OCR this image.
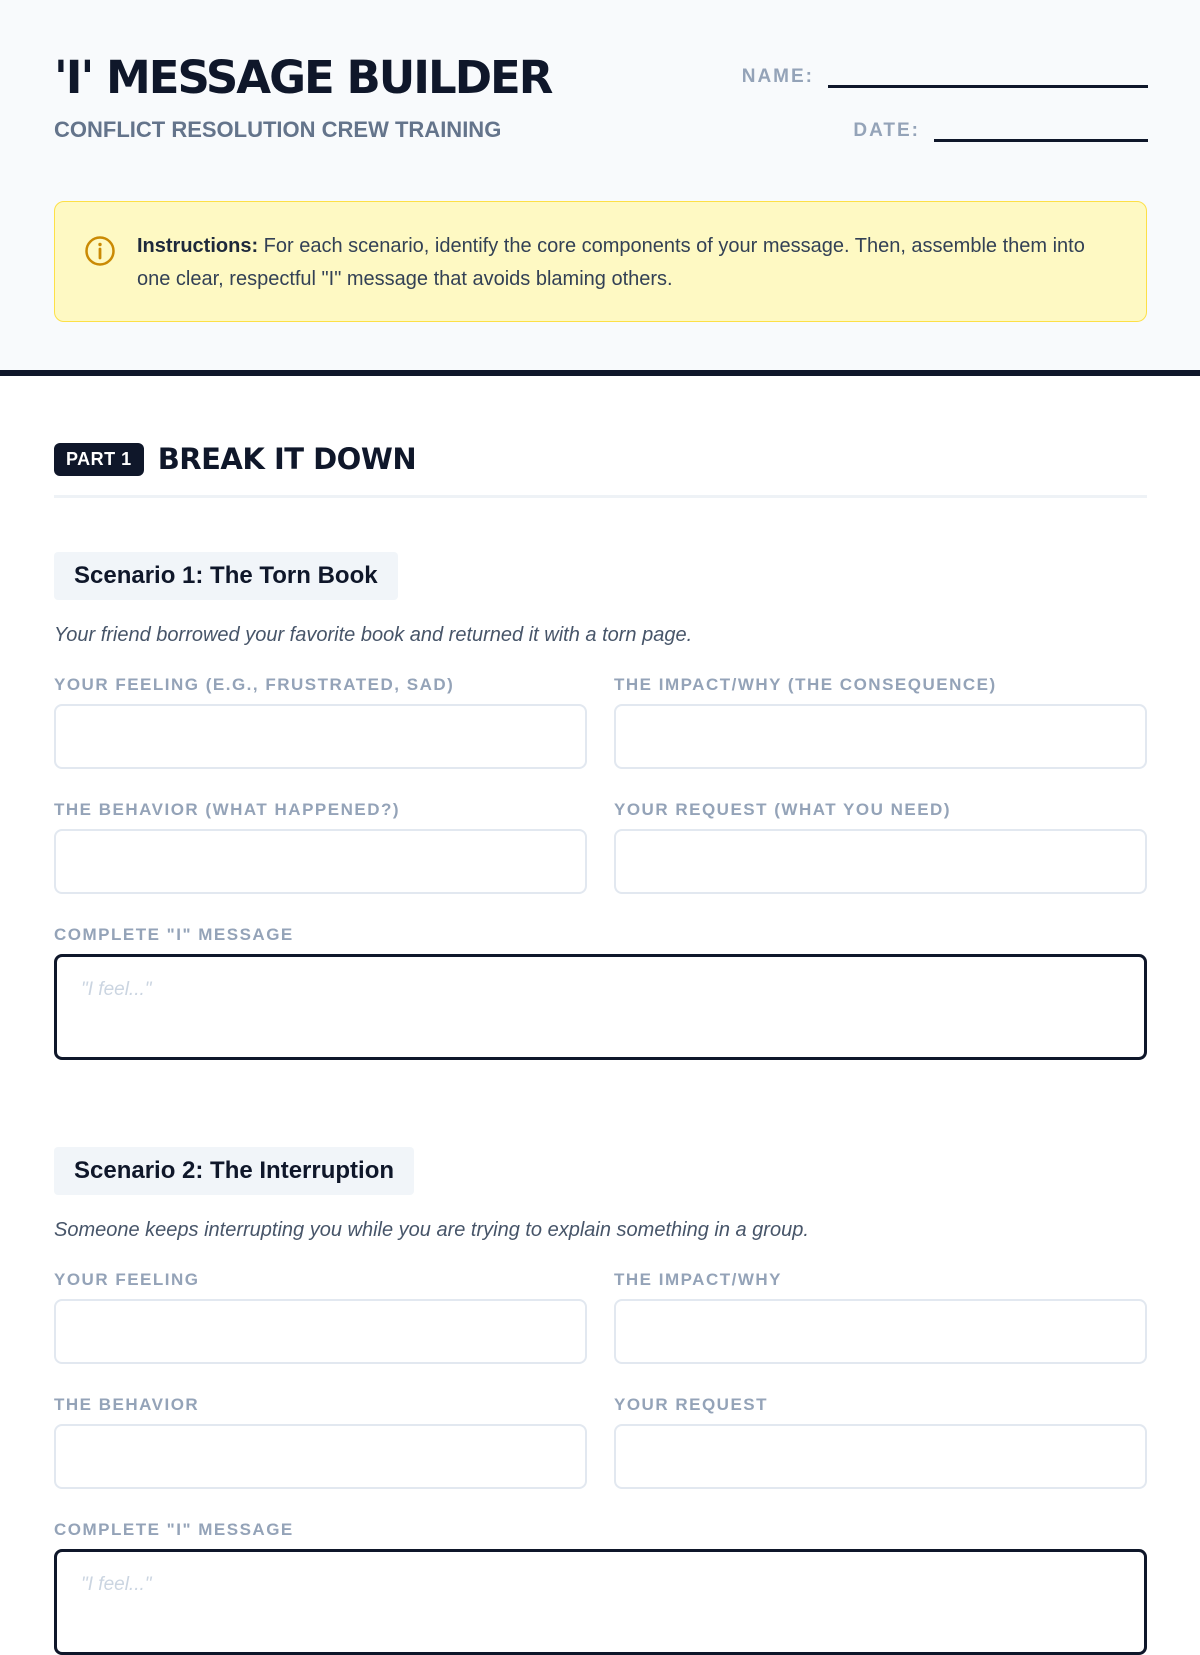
'I' MESSAGE BUILDER
CONFLICT RESOLUTION CREW TRAINING
NAME:
DATE:
Instructions: For each scenario, identify the core components of your message. Then, assemble them into one clear, respectful "I" message that avoids blaming others.
PART 1 BREAK IT DOWN
Scenario 1: The Torn Book
Your friend borrowed your favorite book and returned it with a torn page.
YOUR FEELING (E.G., FRUSTRATED, SAD)	THE IMPACT/WHY (THE CONSEQUENCE)
THE BEHAVIOR (WHAT HAPPENED?)	YOUR REQUEST (WHAT YOU NEED)
COMPLETE "I" MESSAGE
"I feel..."
Scenario 2: The Interruption
Someone keeps interrupting you while you are trying to explain something in a group.
YOUR FEELING	THE IMPACT/WHY
THE BEHAVIOR	YOUR REQUEST
COMPLETE "I" MESSAGE
"I feel..."
